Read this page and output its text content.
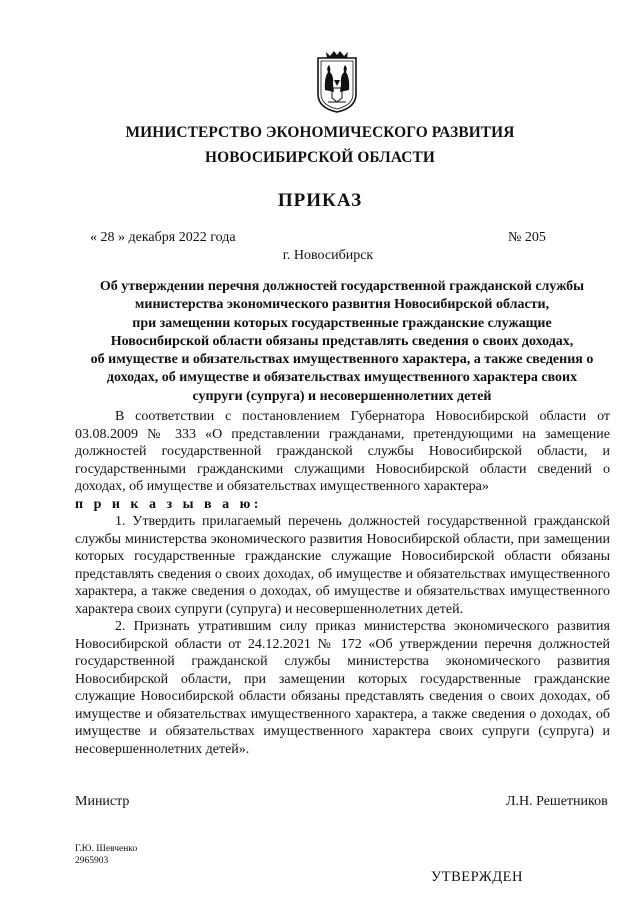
МИНИСТЕРСТВО ЭКОНОМИЧЕСКОГО РАЗВИТИЯ
НОВОСИБИРСКОЙ ОБЛАСТИ
ПРИКАЗ
« 28 » декабря 2022 года	№ 205
г. Новосибирск
Об утверждении перечня должностей государственной гражданской службы
министерства экономического развития Новосибирской области,
при замещении которых государственные гражданские служащие
Новосибирской области обязаны представлять сведения о своих доходах,
об имуществе и обязательствах имущественного характера, а также сведения о
доходах, об имуществе и обязательствах имущественного характера своих
супруги (супруга) и несовершеннолетних детей

В соответствии с постановлением Губернатора Новосибирской области от 03.08.2009 № 333 «О представлении гражданами, претендующими на замещение должностей государственной гражданской службы Новосибирской области, и государственными гражданскими служащими Новосибирской области сведений о доходах, об имуществе и обязательствах имущественного характера»

п р и к а з ы в а ю:

1. Утвердить прилагаемый перечень должностей государственной гражданской службы министерства экономического развития Новосибирской области, при замещении которых государственные гражданские служащие Новосибирской области обязаны представлять сведения о своих доходах, об имуществе и обязательствах имущественного характера, а также сведения о доходах, об имуществе и обязательствах имущественного характера своих супруги (супруга) и несовершеннолетних детей.

2. Признать утратившим силу приказ министерства экономического развития Новосибирской области от 24.12.2021 № 172 «Об утверждении перечня должностей государственной гражданской службы министерства экономического развития Новосибирской области, при замещении которых государственные гражданские служащие Новосибирской области обязаны представлять сведения о своих доходах, об имуществе и обязательствах имущественного характера, а также сведения о доходах, об имуществе и обязательствах имущественного характера своих супруги (супруга) и несовершеннолетних детей».

Министр	Л.Н. Решетников
Г.Ю. Шевченко
2965903
УТВЕРЖДЕН
